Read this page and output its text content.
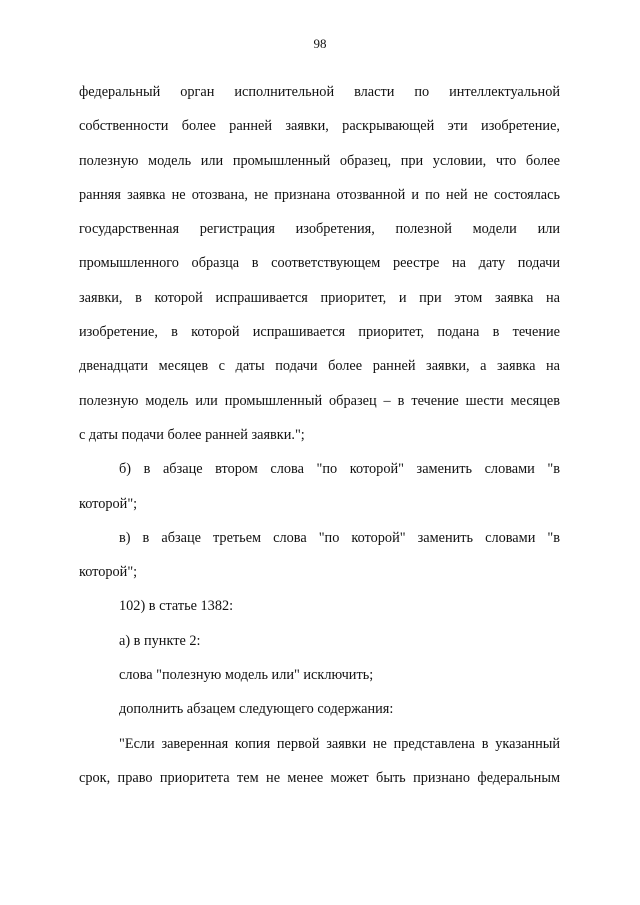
98
федеральный орган исполнительной власти по интеллектуальной
собственности более ранней заявки, раскрывающей эти изобретение,
полезную модель или промышленный образец, при условии, что более
ранняя заявка не отозвана, не признана отозванной и по ней не состоялась
государственная регистрация изобретения, полезной модели или
промышленного образца в соответствующем реестре на дату подачи
заявки, в которой испрашивается приоритет, и при этом заявка на
изобретение, в которой испрашивается приоритет, подана в течение
двенадцати месяцев с даты подачи более ранней заявки, а заявка на
полезную модель или промышленный образец – в течение шести месяцев
с даты подачи более ранней заявки.";
б) в абзаце втором слова "по которой" заменить словами "в
которой";
в) в абзаце третьем слова "по которой" заменить словами "в
которой";
102) в статье 1382:
а) в пункте 2:
слова "полезную модель или" исключить;
дополнить абзацем следующего содержания:
"Если заверенная копия первой заявки не представлена в указанный
срок, право приоритета тем не менее может быть признано федеральным
